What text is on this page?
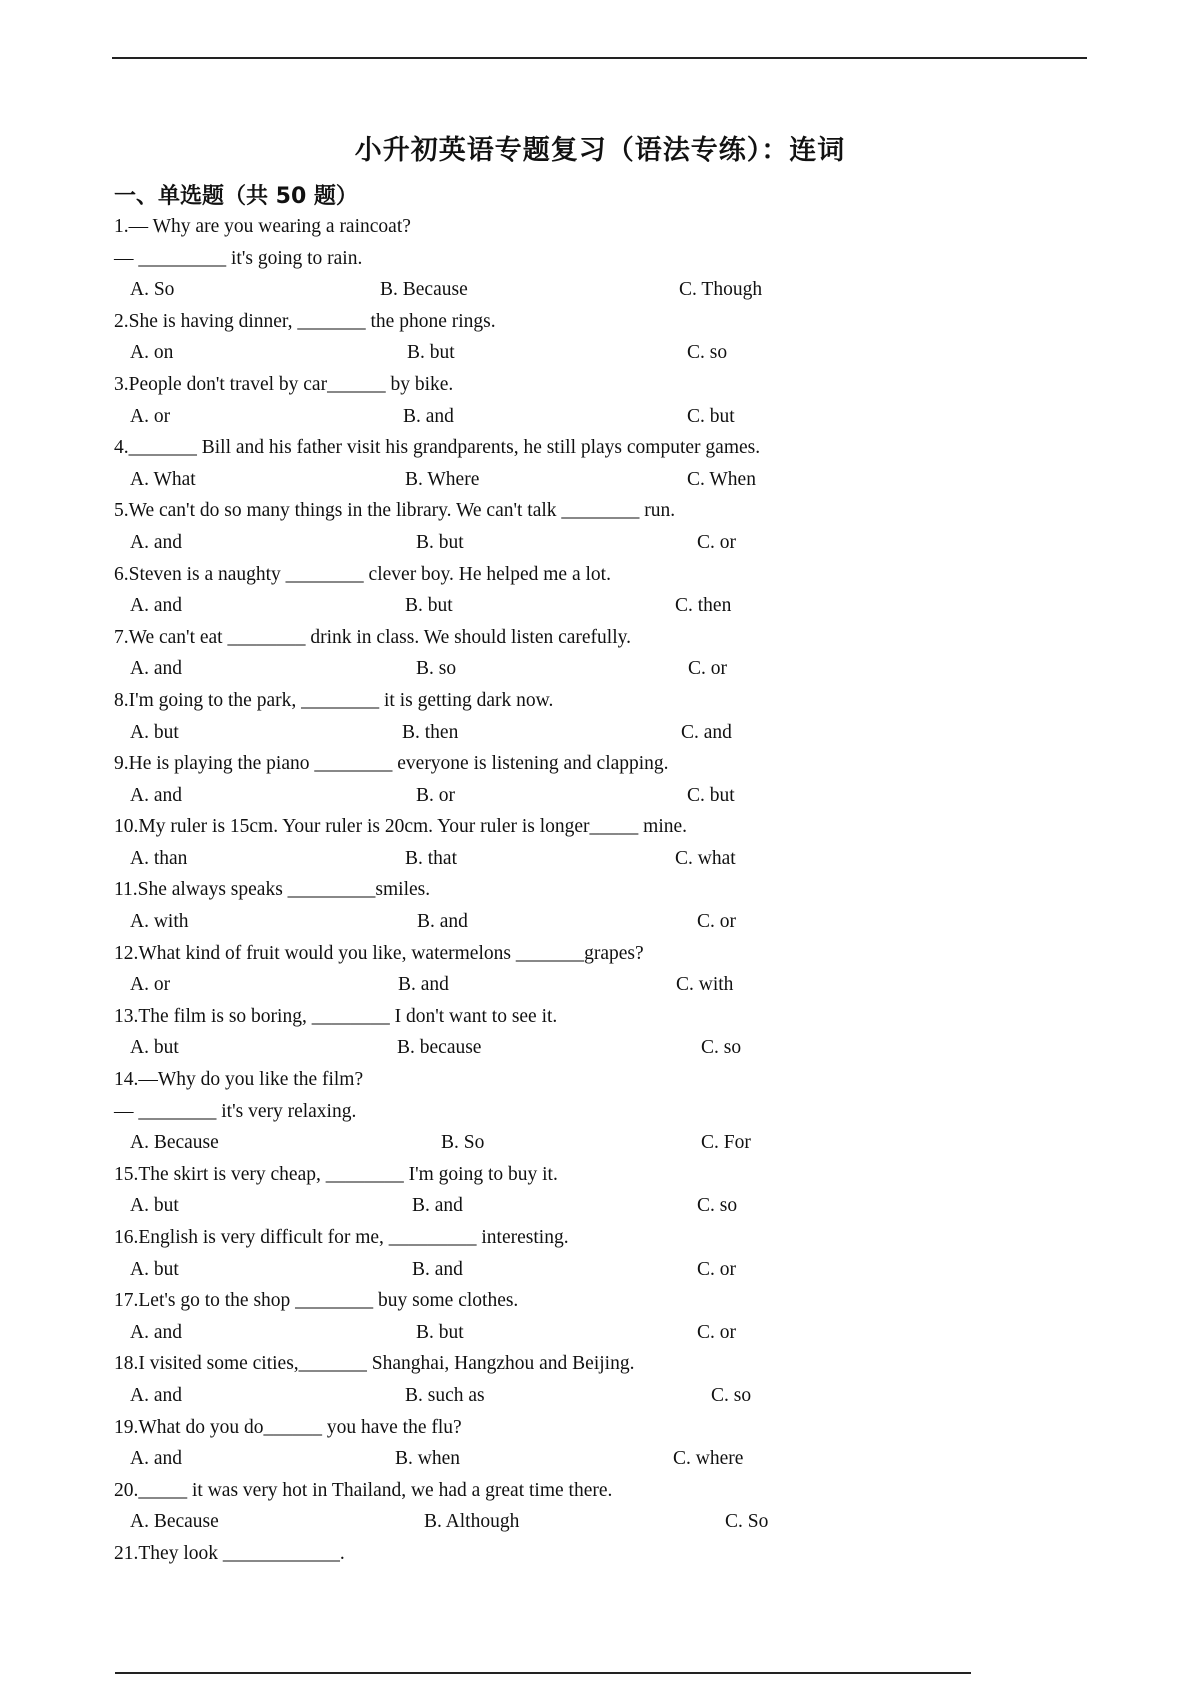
小升初英语专题复习（语法专练）：连词
一、单选题（共 50 题）
1.— Why are you wearing a raincoat?
— _________ it's going to rain.
A. So	B. Because	C. Though
2.She is having dinner, _______ the phone rings.
A. on	B. but	C. so
3.People don't travel by car______ by bike.
A. or	B. and	C. but
4._______ Bill and his father visit his grandparents, he still plays computer games.
A. What	B. Where	C. When
5.We can't do so many things in the library. We can't talk ________ run.
A. and	B. but	C. or
6.Steven is a naughty ________ clever boy. He helped me a lot.
A. and	B. but	C. then
7.We can't eat ________ drink in class. We should listen carefully.
A. and	B. so	C. or
8.I'm going to the park, ________ it is getting dark now.
A. but	B. then	C. and
9.He is playing the piano ________ everyone is listening and clapping.
A. and	B. or	C. but
10.My ruler is 15cm. Your ruler is 20cm. Your ruler is longer_____ mine.
A. than	B. that	C. what
11.She always speaks _________smiles.
A. with	B. and	C. or
12.What kind of fruit would you like, watermelons _______grapes?
A. or	B. and	C. with
13.The film is so boring, ________ I don't want to see it.
A. but	B. because	C. so
14.—Why do you like the film?
— ________ it's very relaxing.
A. Because	B. So	C. For
15.The skirt is very cheap, ________ I'm going to buy it.
A. but	B. and	C. so
16.English is very difficult for me, _________ interesting.
A. but	B. and	C. or
17.Let's go to the shop ________ buy some clothes.
A. and	B. but	C. or
18.I visited some cities,_______ Shanghai, Hangzhou and Beijing.
A. and	B. such as	C. so
19.What do you do______ you have the flu?
A. and	B. when	C. where
20._____ it was very hot in Thailand, we had a great time there.
A. Because	B. Although	C. So
21.They look ____________.
